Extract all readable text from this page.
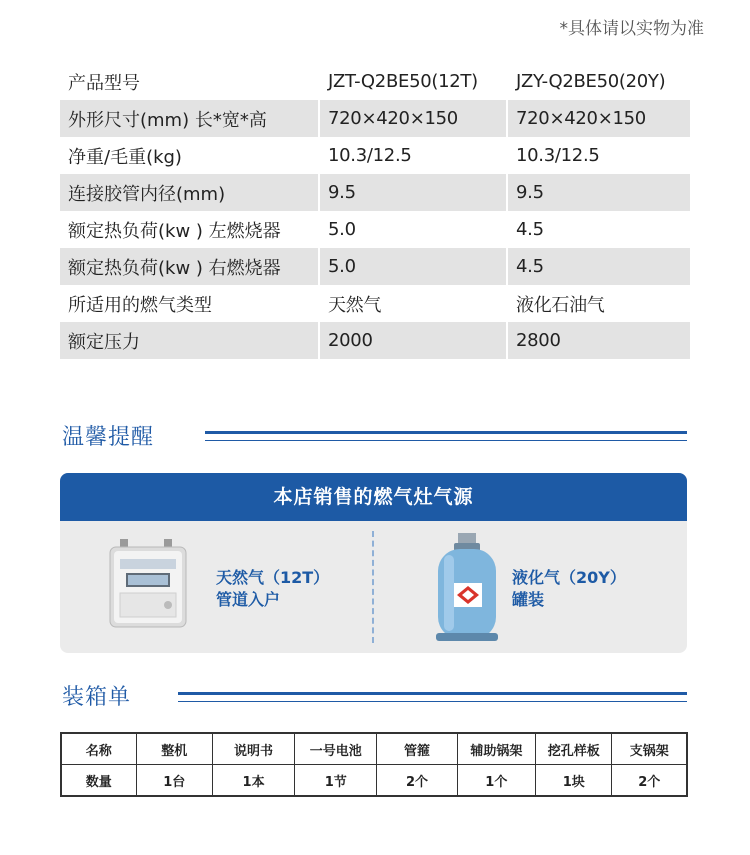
*具体请以实物为准
产品型号	JZT-Q2BE50(12T)	JZY-Q2BE50(20Y)
外形尺寸(mm) 长*宽*高	720×420×150	720×420×150
净重/毛重(kg)	10.3/12.5	10.3/12.5
连接胶管内径(mm)	9.5	9.5
额定热负荷(kw ) 左燃烧器	5.0	4.5
额定热负荷(kw ) 右燃烧器	5.0	4.5
所适用的燃气类型	天然气	液化石油气
额定压力	2000	2800
温馨提醒
本店销售的燃气灶气源
天然气（12T）
管道入户
液化气（20Y）
罐装
装箱单
名称	整机	说明书	一号电池	管箍	辅助锅架	挖孔样板	支锅架
数量	1台	1本	1节	2个	1个	1块	2个
